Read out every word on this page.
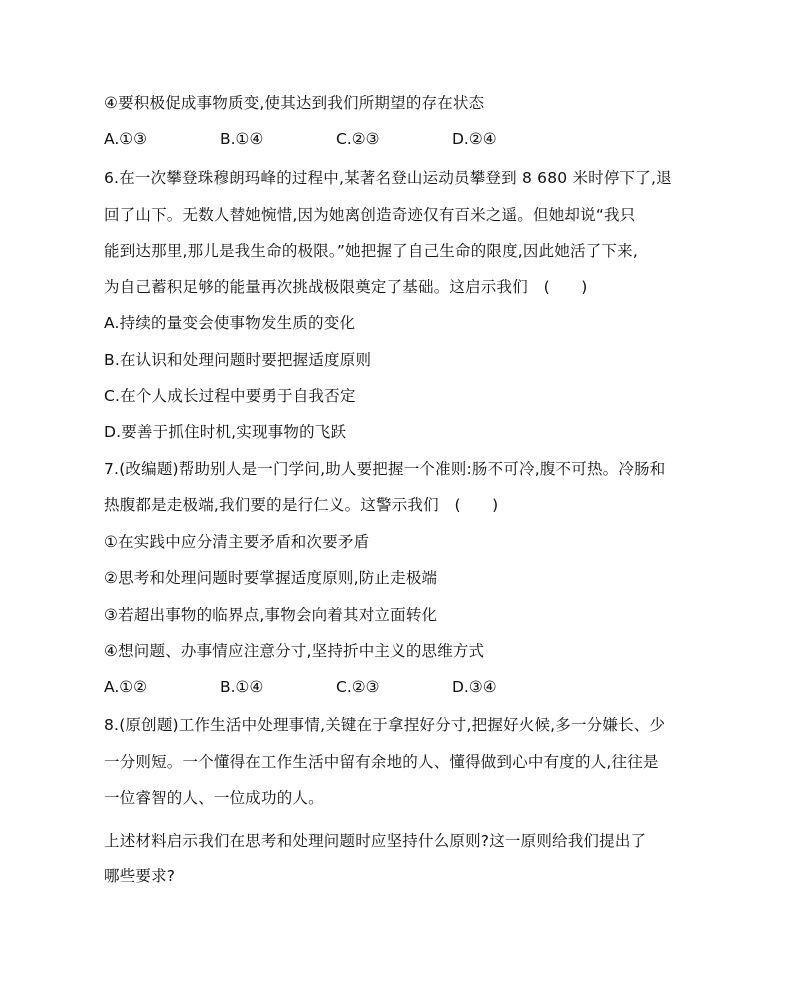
④要积极促成事物质变,使其达到我们所期望的存在状态
A.①③	B.①④	C.②③	D.②④
6.在一次攀登珠穆朗玛峰的过程中,某著名登山运动员攀登到 8 680 米时停下了,退
回了山下。无数人替她惋惜,因为她离创造奇迹仅有百米之遥。但她却说“我只
能到达那里,那儿是我生命的极限。”她把握了自己生命的限度,因此她活了下来,
为自己蓄积足够的能量再次挑战极限奠定了基础。这启示我们　(　　)
A.持续的量变会使事物发生质的变化
B.在认识和处理问题时要把握适度原则
C.在个人成长过程中要勇于自我否定
D.要善于抓住时机,实现事物的飞跃
7.(改编题)帮助别人是一门学问,助人要把握一个准则:肠不可冷,腹不可热。冷肠和
热腹都是走极端,我们要的是行仁义。这警示我们　(　　)
①在实践中应分清主要矛盾和次要矛盾
②思考和处理问题时要掌握适度原则,防止走极端
③若超出事物的临界点,事物会向着其对立面转化
④想问题、办事情应注意分寸,坚持折中主义的思维方式
A.①②	B.①④	C.②③	D.③④
8.(原创题)工作生活中处理事情,关键在于拿捏好分寸,把握好火候,多一分嫌长、少
一分则短。一个懂得在工作生活中留有余地的人、懂得做到心中有度的人,往往是
一位睿智的人、一位成功的人。
上述材料启示我们在思考和处理问题时应坚持什么原则?这一原则给我们提出了
哪些要求?
